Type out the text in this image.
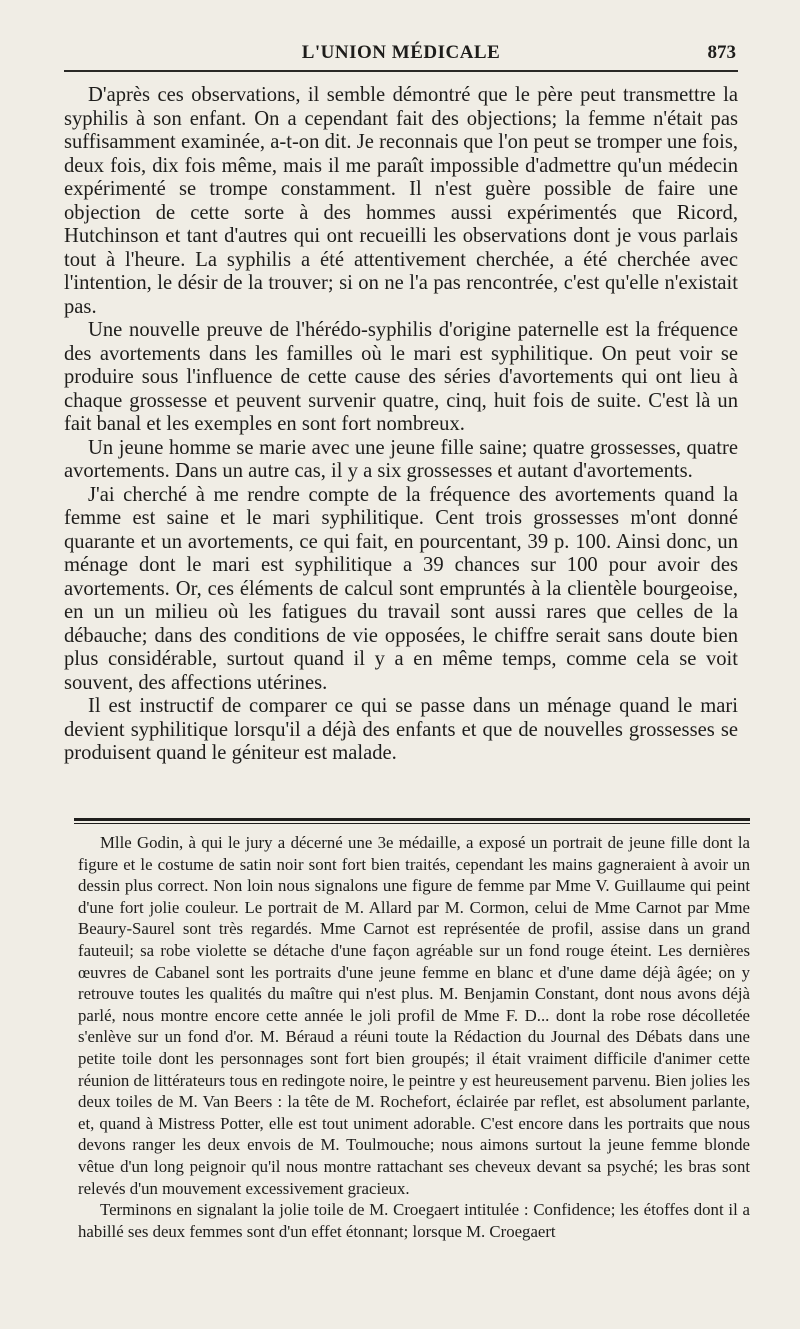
L'UNION MÉDICALE	873

D'après ces observations, il semble démontré que le père peut transmettre la syphilis à son enfant. On a cependant fait des objections; la femme n'était pas suffisamment examinée, a-t-on dit. Je reconnais que l'on peut se tromper une fois, deux fois, dix fois même, mais il me paraît impossible d'admettre qu'un médecin expérimenté se trompe constamment. Il n'est guère possible de faire une objection de cette sorte à des hommes aussi expérimentés que Ricord, Hutchinson et tant d'autres qui ont recueilli les observations dont je vous parlais tout à l'heure. La syphilis a été attentivement cherchée, a été cherchée avec l'intention, le désir de la trouver; si on ne l'a pas rencontrée, c'est qu'elle n'existait pas.

Une nouvelle preuve de l'hérédo-syphilis d'origine paternelle est la fréquence des avortements dans les familles où le mari est syphilitique. On peut voir se produire sous l'influence de cette cause des séries d'avortements qui ont lieu à chaque grossesse et peuvent survenir quatre, cinq, huit fois de suite. C'est là un fait banal et les exemples en sont fort nombreux.

Un jeune homme se marie avec une jeune fille saine; quatre grossesses, quatre avortements. Dans un autre cas, il y a six grossesses et autant d'avortements.

J'ai cherché à me rendre compte de la fréquence des avortements quand la femme est saine et le mari syphilitique. Cent trois grossesses m'ont donné quarante et un avortements, ce qui fait, en pourcentant, 39 p. 100. Ainsi donc, un ménage dont le mari est syphilitique a 39 chances sur 100 pour avoir des avortements. Or, ces éléments de calcul sont empruntés à la clientèle bourgeoise, en un un milieu où les fatigues du travail sont aussi rares que celles de la débauche; dans des conditions de vie opposées, le chiffre serait sans doute bien plus considérable, surtout quand il y a en même temps, comme cela se voit souvent, des affections utérines.

Il est instructif de comparer ce qui se passe dans un ménage quand le mari devient syphilitique lorsqu'il a déjà des enfants et que de nouvelles grossesses se produisent quand le géniteur est malade.

Mlle Godin, à qui le jury a décerné une 3e médaille, a exposé un portrait de jeune fille dont la figure et le costume de satin noir sont fort bien traités, cependant les mains gagneraient à avoir un dessin plus correct. Non loin nous signalons une figure de femme par Mme V. Guillaume qui peint d'une fort jolie couleur. Le portrait de M. Allard par M. Cormon, celui de Mme Carnot par Mme Beaury-Saurel sont très regardés. Mme Carnot est représentée de profil, assise dans un grand fauteuil; sa robe violette se détache d'une façon agréable sur un fond rouge éteint. Les dernières œuvres de Cabanel sont les portraits d'une jeune femme en blanc et d'une dame déjà âgée; on y retrouve toutes les qualités du maître qui n'est plus. M. Benjamin Constant, dont nous avons déjà parlé, nous montre encore cette année le joli profil de Mme F. D... dont la robe rose décolletée s'enlève sur un fond d'or. M. Béraud a réuni toute la Rédaction du Journal des Débats dans une petite toile dont les personnages sont fort bien groupés; il était vraiment difficile d'animer cette réunion de littérateurs tous en redingote noire, le peintre y est heureusement parvenu. Bien jolies les deux toiles de M. Van Beers : la tête de M. Rochefort, éclairée par reflet, est absolument parlante, et, quand à Mistress Potter, elle est tout uniment adorable. C'est encore dans les portraits que nous devons ranger les deux envois de M. Toulmouche; nous aimons surtout la jeune femme blonde vêtue d'un long peignoir qu'il nous montre rattachant ses cheveux devant sa psyché; les bras sont relevés d'un mouvement excessivement gracieux.

Terminons en signalant la jolie toile de M. Croegaert intitulée : Confidence; les étoffes dont il a habillé ses deux femmes sont d'un effet étonnant; lorsque M. Croegaert
